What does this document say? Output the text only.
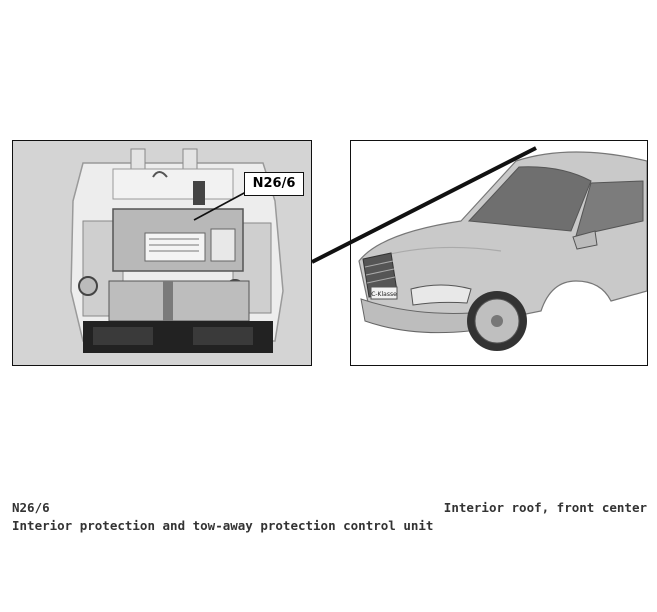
C-Klasse
N26/6
N26/6
Interior protection and tow-away protection control unit
Interior roof, front center
